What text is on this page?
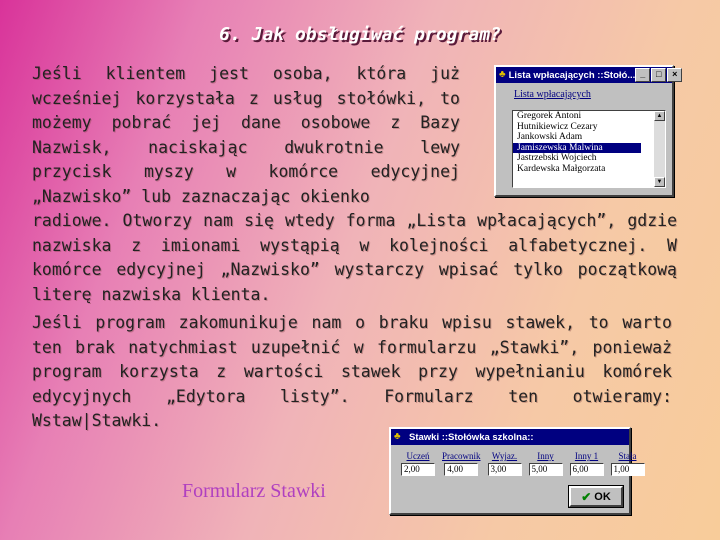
6. Jak obsługiwać program?

Jeśli klientem jest osoba, która już wcześniej korzystała z usług stołówki, to możemy pobrać jej dane osobowe z Bazy Nazwisk, naciskając dwukrotnie lewy przycisk myszy w komórce edycyjnej „Nazwisko” lub zaznaczając okienko

radiowe. Otworzy nam się wtedy forma „Lista wpłacających”, gdzie nazwiska z imionami wystąpią w kolejności alfabetycznej. W komórce edycyjnej „Nazwisko” wystarczy wpisać tylko początkową literę nazwiska klienta.

Jeśli program zakomunikuje nam o braku wpisu stawek, to warto ten brak natychmiast uzupełnić w formularzu „Stawki”, ponieważ program korzysta z wartości stawek przy wypełnianiu komórek edycyjnych „Edytora listy”. Formularz ten otwieramy: Wstaw|Stawki.

♣ Lista wpłacających ::Stołó... _	□	×
Lista wpłacających
Gregorek Antoni
Hutnikiewicz Cezary
Jankowski Adam
Jamiszewska Malwina
Jastrzebski Wojciech
Kardewska Małgorzata
▲
▼
♣ Stawki ::Stołówka szkolna::
Uczeń
2,00
Pracownik
4,00
Wyjaz.
3,00
Inny
5,00
Inny 1
6,00
Stała
1,00
✔ OK
Formularz Stawki
